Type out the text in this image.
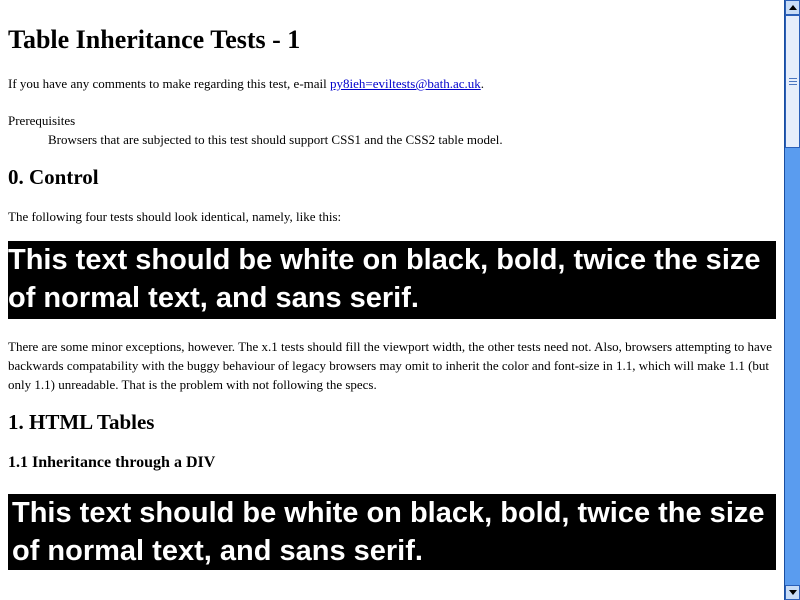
Table Inheritance Tests - 1

If you have any comments to make regarding this test, e-mail py8ieh=eviltests@bath.ac.uk.

Prerequisites
Browsers that are subjected to this test should support CSS1 and the CSS2 table model.
0. Control

The following four tests should look identical, namely, like this:

This text should be white on black, bold, twice the size of normal text, and sans serif.

There are some minor exceptions, however. The x.1 tests should fill the viewport width, the other tests need not. Also, browsers attempting to have backwards compatability with the buggy behaviour of legacy browsers may omit to inherit the color and font-size in 1.1, which will make 1.1 (but only 1.1) unreadable. That is the problem with not following the specs.

1. HTML Tables
1.1 Inheritance through a DIV

This text should be white on black, bold, twice the size of normal text, and sans serif.
